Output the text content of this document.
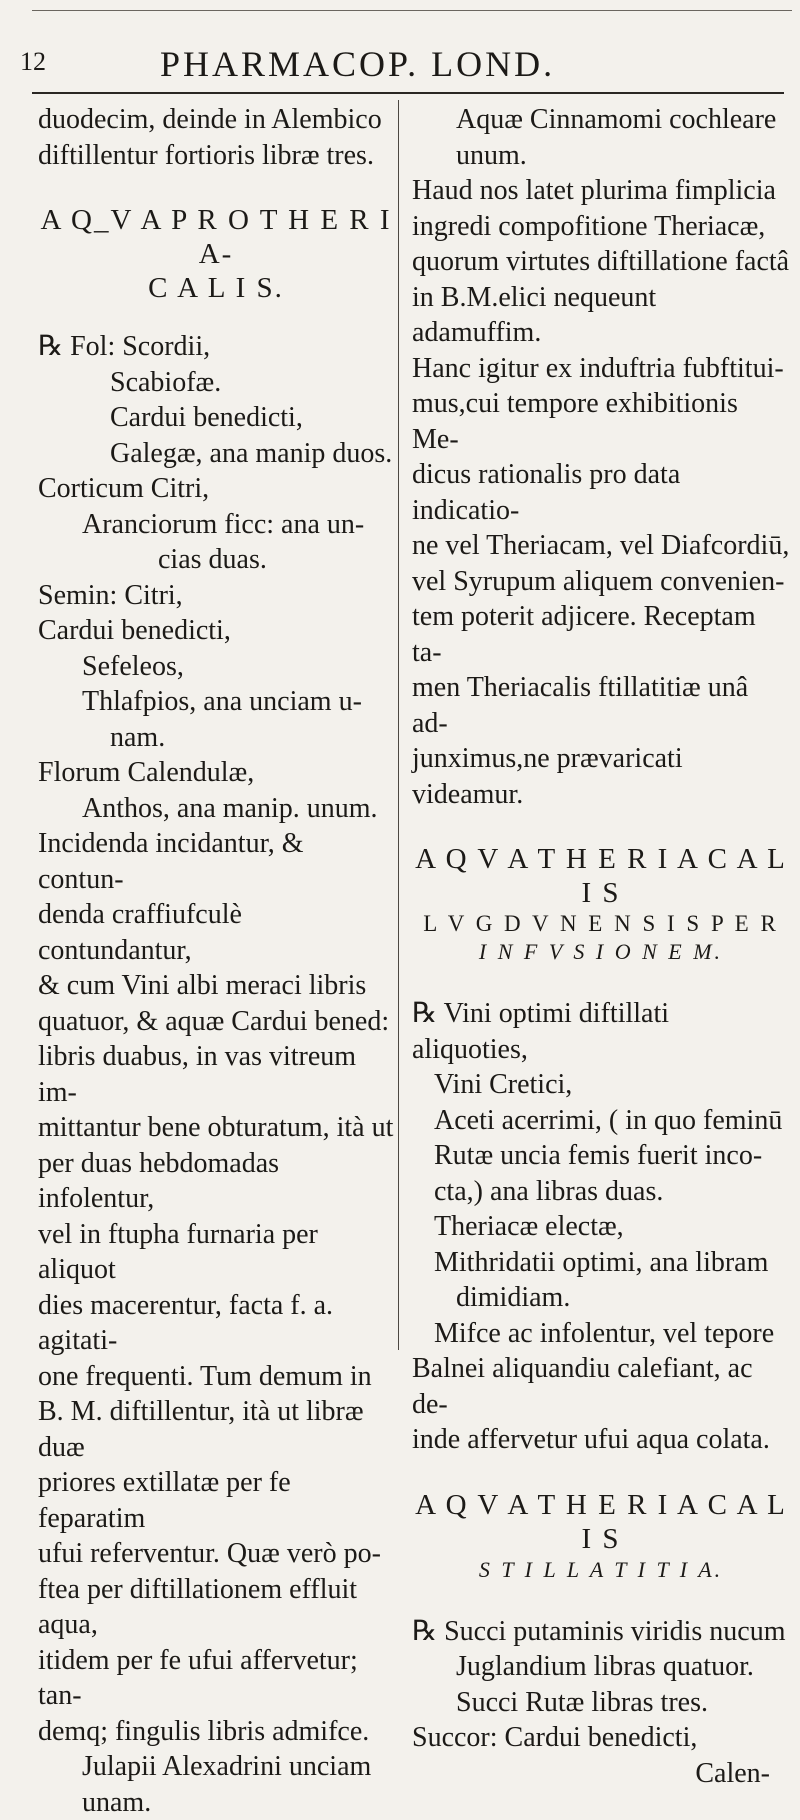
12	PHARMACOP. LOND.

duodecim, deinde in Alembico

diftillentur fortioris libræ tres.

A Q_V A P R O T H E R I A-

C A L I S.

℞ Fol: Scordii,

Scabiofæ.

Cardui benedicti,

Galegæ, ana manip duos.

Corticum Citri,

Aranciorum ficc: ana un-

cias duas.

Semin: Citri,

Cardui benedicti,

Sefeleos,

Thlafpios, ana unciam u-

nam.

Florum Calendulæ,

Anthos, ana manip. unum.

Incidenda incidantur, & contun-

denda craffiufculè contundantur,

& cum Vini albi meraci libris

quatuor, & aquæ Cardui bened:

libris duabus, in vas vitreum im-

mittantur bene obturatum, ità ut

per duas hebdomadas infolentur,

vel in ftupha furnaria per aliquot

dies macerentur, facta f. a. agitati-

one frequenti. Tum demum in

B. M. diftillentur, ità ut libræ duæ

priores extillatæ per fe feparatim

ufui referventur. Quæ verò po-

ftea per diftillationem effluit aqua,

itidem per fe ufui affervetur; tan-

demq; fingulis libris admifce.

Julapii Alexadrini unciam

unam.

Aquæ Cinnamomi cochleare

unum.

Haud nos latet plurima fimplicia

ingredi compofitione Theriacæ,

quorum virtutes diftillatione factâ

in B.M.elici nequeunt adamuffim.

Hanc igitur ex induftria fubftitui-

mus,cui tempore exhibitionis Me-

dicus rationalis pro data indicatio-

ne vel Theriacam, vel Diafcordiū,

vel Syrupum aliquem convenien-

tem poterit adjicere. Receptam ta-

men Theriacalis ftillatitiæ unâ ad-

junximus,ne prævaricati videamur.

A Q V A T H E R I A C A L I S

L V G D V N E N S I S P E R

I N F V S I O N E M.

℞ Vini optimi diftillati aliquoties,

Vini Cretici,

Aceti acerrimi, ( in quo feminū

Rutæ uncia femis fuerit inco-

cta,) ana libras duas.

Theriacæ electæ,

Mithridatii optimi, ana libram

dimidiam.

Mifce ac infolentur, vel tepore

Balnei aliquandiu calefiant, ac de-

inde affervetur ufui aqua colata.

A Q V A T H E R I A C A L I S

S T I L L A T I T I A.

℞ Succi putaminis viridis nucum

Juglandium libras quatuor.

Succi Rutæ libras tres.

Succor: Cardui benedicti,

Calen-
